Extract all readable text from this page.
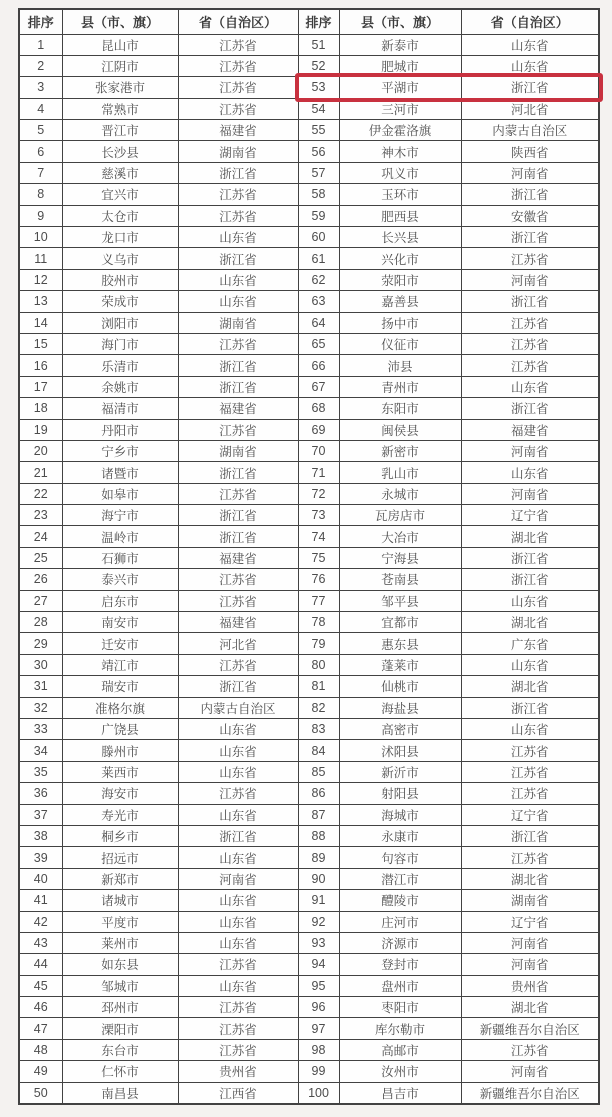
排序	县（市、旗）	省（自治区）	排序	县（市、旗）	省（自治区）
1	昆山市	江苏省	51	新泰市	山东省
2	江阴市	江苏省	52	肥城市	山东省
3	张家港市	江苏省	53	平湖市	浙江省
4	常熟市	江苏省	54	三河市	河北省
5	晋江市	福建省	55	伊金霍洛旗	内蒙古自治区
6	长沙县	湖南省	56	神木市	陕西省
7	慈溪市	浙江省	57	巩义市	河南省
8	宜兴市	江苏省	58	玉环市	浙江省
9	太仓市	江苏省	59	肥西县	安徽省
10	龙口市	山东省	60	长兴县	浙江省
11	义乌市	浙江省	61	兴化市	江苏省
12	胶州市	山东省	62	荥阳市	河南省
13	荣成市	山东省	63	嘉善县	浙江省
14	浏阳市	湖南省	64	扬中市	江苏省
15	海门市	江苏省	65	仪征市	江苏省
16	乐清市	浙江省	66	沛县	江苏省
17	余姚市	浙江省	67	青州市	山东省
18	福清市	福建省	68	东阳市	浙江省
19	丹阳市	江苏省	69	闽侯县	福建省
20	宁乡市	湖南省	70	新密市	河南省
21	诸暨市	浙江省	71	乳山市	山东省
22	如皋市	江苏省	72	永城市	河南省
23	海宁市	浙江省	73	瓦房店市	辽宁省
24	温岭市	浙江省	74	大冶市	湖北省
25	石狮市	福建省	75	宁海县	浙江省
26	泰兴市	江苏省	76	苍南县	浙江省
27	启东市	江苏省	77	邹平县	山东省
28	南安市	福建省	78	宜都市	湖北省
29	迁安市	河北省	79	惠东县	广东省
30	靖江市	江苏省	80	蓬莱市	山东省
31	瑞安市	浙江省	81	仙桃市	湖北省
32	准格尔旗	内蒙古自治区	82	海盐县	浙江省
33	广饶县	山东省	83	高密市	山东省
34	滕州市	山东省	84	沭阳县	江苏省
35	莱西市	山东省	85	新沂市	江苏省
36	海安市	江苏省	86	射阳县	江苏省
37	寿光市	山东省	87	海城市	辽宁省
38	桐乡市	浙江省	88	永康市	浙江省
39	招远市	山东省	89	句容市	江苏省
40	新郑市	河南省	90	潜江市	湖北省
41	诸城市	山东省	91	醴陵市	湖南省
42	平度市	山东省	92	庄河市	辽宁省
43	莱州市	山东省	93	济源市	河南省
44	如东县	江苏省	94	登封市	河南省
45	邹城市	山东省	95	盘州市	贵州省
46	邳州市	江苏省	96	枣阳市	湖北省
47	溧阳市	江苏省	97	库尔勒市	新疆维吾尔自治区
48	东台市	江苏省	98	高邮市	江苏省
49	仁怀市	贵州省	99	汝州市	河南省
50	南昌县	江西省	100	昌吉市	新疆维吾尔自治区
